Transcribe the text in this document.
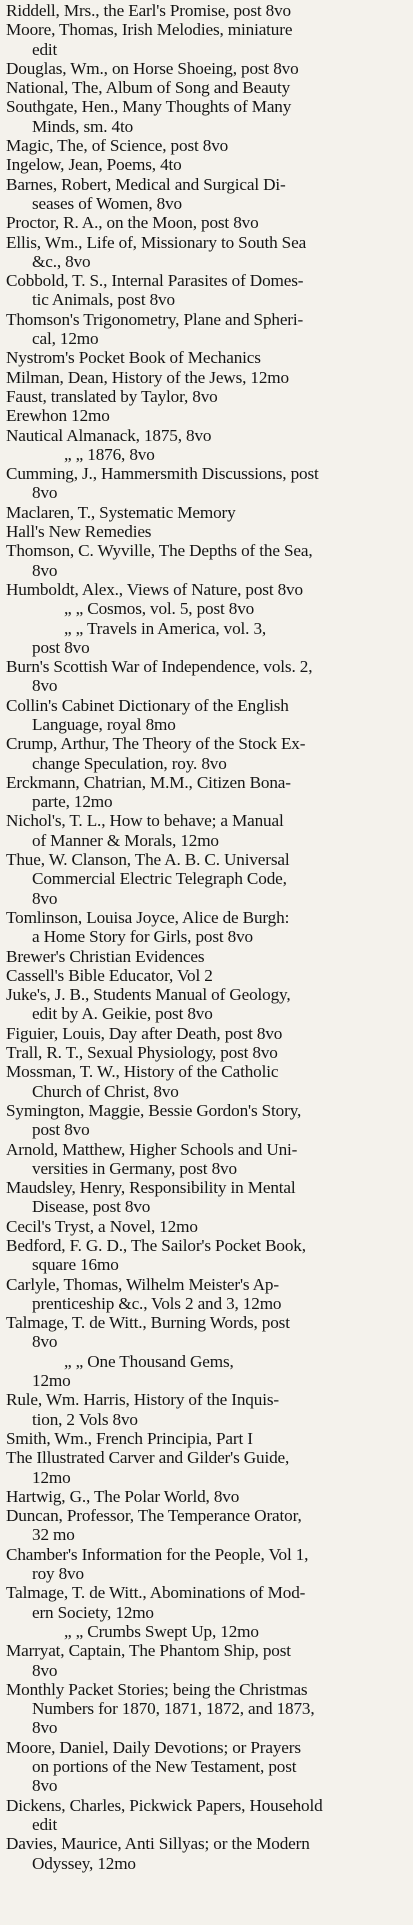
Riddell, Mrs., the Earl's Promise, post 8vo
Moore, Thomas, Irish Melodies, miniature
edit
Douglas, Wm., on Horse Shoeing, post 8vo
National, The, Album of Song and Beauty
Southgate, Hen., Many Thoughts of Many
Minds, sm. 4to
Magic, The, of Science, post 8vo
Ingelow, Jean, Poems, 4to
Barnes, Robert, Medical and Surgical Di-
seases of Women, 8vo
Proctor, R. A., on the Moon, post 8vo
Ellis, Wm., Life of, Missionary to South Sea
&c., 8vo
Cobbold, T. S., Internal Parasites of Domes-
tic Animals, post 8vo
Thomson's Trigonometry, Plane and Spheri-
cal, 12mo
Nystrom's Pocket Book of Mechanics
Milman, Dean, History of the Jews, 12mo
Faust, translated by Taylor, 8vo
Erewhon 12mo
Nautical Almanack, 1875, 8vo
„ „ 1876, 8vo
Cumming, J., Hammersmith Discussions, post
8vo
Maclaren, T., Systematic Memory
Hall's New Remedies
Thomson, C. Wyville, The Depths of the Sea,
8vo
Humboldt, Alex., Views of Nature, post 8vo
„ „ Cosmos, vol. 5, post 8vo
„ „ Travels in America, vol. 3,
post 8vo
Burn's Scottish War of Independence, vols. 2,
8vo
Collin's Cabinet Dictionary of the English
Language, royal 8mo
Crump, Arthur, The Theory of the Stock Ex-
change Speculation, roy. 8vo
Erckmann, Chatrian, M.M., Citizen Bona-
parte, 12mo
Nichol's, T. L., How to behave; a Manual
of Manner & Morals, 12mo
Thue, W. Clanson, The A. B. C. Universal
Commercial Electric Telegraph Code,
8vo
Tomlinson, Louisa Joyce, Alice de Burgh:
a Home Story for Girls, post 8vo
Brewer's Christian Evidences
Cassell's Bible Educator, Vol 2
Juke's, J. B., Students Manual of Geology,
edit by A. Geikie, post 8vo
Figuier, Louis, Day after Death, post 8vo
Trall, R. T., Sexual Physiology, post 8vo
Mossman, T. W., History of the Catholic
Church of Christ, 8vo
Symington, Maggie, Bessie Gordon's Story,
post 8vo
Arnold, Matthew, Higher Schools and Uni-
versities in Germany, post 8vo
Maudsley, Henry, Responsibility in Mental
Disease, post 8vo
Cecil's Tryst, a Novel, 12mo
Bedford, F. G. D., The Sailor's Pocket Book,
square 16mo
Carlyle, Thomas, Wilhelm Meister's Ap-
prenticeship &c., Vols 2 and 3, 12mo
Talmage, T. de Witt., Burning Words, post
8vo
„ „ One Thousand Gems,
12mo
Rule, Wm. Harris, History of the Inquis-
tion, 2 Vols 8vo
Smith, Wm., French Principia, Part I
The Illustrated Carver and Gilder's Guide,
12mo
Hartwig, G., The Polar World, 8vo
Duncan, Professor, The Temperance Orator,
32 mo
Chamber's Information for the People, Vol 1,
roy 8vo
Talmage, T. de Witt., Abominations of Mod-
ern Society, 12mo
„ „ Crumbs Swept Up, 12mo
Marryat, Captain, The Phantom Ship, post
8vo
Monthly Packet Stories; being the Christmas
Numbers for 1870, 1871, 1872, and 1873,
8vo
Moore, Daniel, Daily Devotions; or Prayers
on portions of the New Testament, post
8vo
Dickens, Charles, Pickwick Papers, Household
edit
Davies, Maurice, Anti Sillyas; or the Modern
Odyssey, 12mo
